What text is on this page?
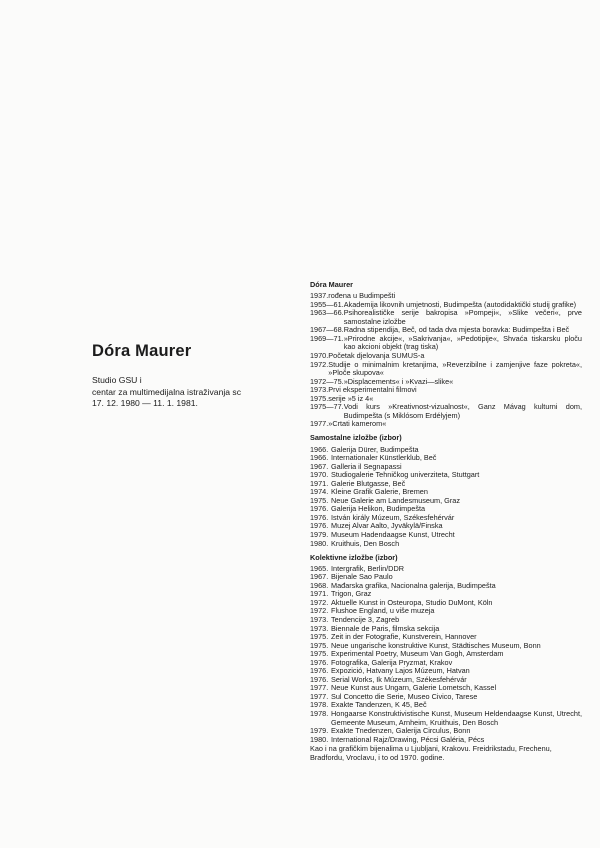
Dóra Maurer

Studio GSU i

centar za multimedijalna istraživanja sc

17. 12. 1980 — 11. 1. 1981.

Dóra Maurer
1937. rođena u Budimpešti
1955—61. Akademija likovnih umjetnosti, Budimpešta (autodidaktički studij grafike)
1963—66. Psihorealističke serije bakropisa »Pompeji«, »Slike večeri«, prve samostalne izložbe
1967—68. Radna stipendija, Beč, od tada dva mjesta boravka: Budimpešta i Beč
1969—71. »Prirodne akcije«, »Sakrivanja«, »Pedotipije«, Shvaća tiskarsku ploču kao akcioni objekt (trag tiska)
1970. Početak djelovanja SUMUS-a
1972. Studije o minimalnim kretanjima, »Reverzibilne i zamjenjive faze pokreta«, »Ploče skupova«
1972—75. »Displacements« i »Kvazi—slike«
1973. Prvi eksperimentalni filmovi
1975. serije »5 iz 4«
1975—77. Vodi kurs »Kreativnost-vizualnost«, Ganz Mávag kulturni dom, Budimpešta (s Miklósom Erdélyjem)
1977. »Crtati kamerom«
Samostalne izložbe (izbor)
1966. Galerija Dürer, Budimpešta
1966. Internationaler Künstlerklub, Beč
1967. Galleria il Segnapassi
1970. Studiogalerie Tehničkog univerziteta, Stuttgart
1971. Galerie Blutgasse, Beč
1974. Kleine Grafik Galerie, Bremen
1975. Neue Galerie am Landesmuseum, Graz
1976. Galerija Helikon, Budimpešta
1976. István király Múzeum, Székesfehérvár
1976. Muzej Alvar Aalto, Jyväkylä/Finska
1979. Museum Hadendaagse Kunst, Utrecht
1980. Kruithuis, Den Bosch
Kolektivne izložbe (izbor)
1965. Intergrafik, Berlin/DDR
1967. Bijenale Sao Paulo
1968. Mađarska grafika, Nacionalna galerija, Budimpešta
1971. Trigon, Graz
1972. Aktuelle Kunst in Osteuropa, Studio DuMont, Köln
1972. Flushoe England, u više muzeja
1973. Tendencije 3, Zagreb
1973. Biennale de Paris, filmska sekcija
1975. Zeit in der Fotografie, Kunstverein, Hannover
1975. Neue ungarische konstruktive Kunst, Städtisches Museum, Bonn
1975. Experimental Poetry, Museum Van Gogh, Amsterdam
1976. Fotografika, Galerija Pryzmat, Krakov
1976. Expozició, Hatvany Lajos Múzeum, Hatvan
1976. Serial Works, Ik Múzeum, Székesfehérvár
1977. Neue Kunst aus Ungarn, Galerie Lometsch, Kassel
1977. Sul Concetto die Serie, Museo Civico, Tarese
1978. Exakte Tandenzen, K 45, Beč
1978. Hongaarse Konstruktivistische Kunst, Museum Heldendaagse Kunst, Utrecht, Gemeente Museum, Arnheim, Kruithuis, Den Bosch
1979. Exakte Tnedenzen, Galerija Circulus, Bonn
1980. International Rajz/Drawing, Pécsi Galéria, Pécs
Kao i na grafičkim bijenalima u Ljubljani, Krakovu. Freidrikstadu, Frechenu, Bradfordu, Vroclavu, i to od 1970. godine.
